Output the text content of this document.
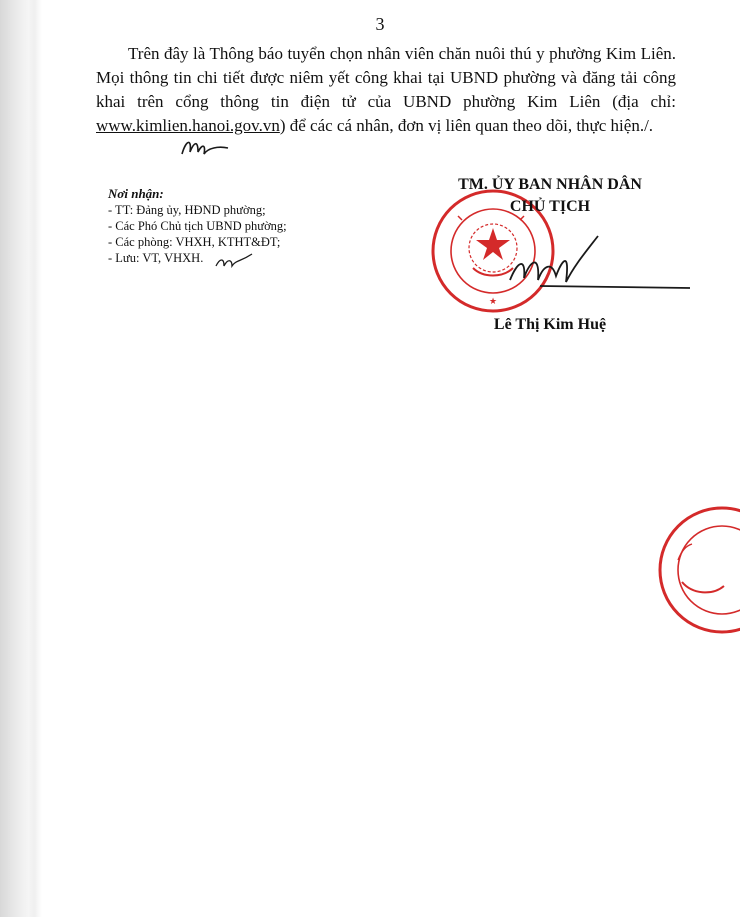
3

Trên đây là Thông báo tuyển chọn nhân viên chăn nuôi thú y phường Kim Liên. Mọi thông tin chi tiết được niêm yết công khai tại UBND phường và đăng tải công khai trên cổng thông tin điện tử của UBND phường Kim Liên (địa chỉ: www.kimlien.hanoi.gov.vn) để các cá nhân, đơn vị liên quan theo dõi, thực hiện./.

Nơi nhận:
- TT: Đảng ủy, HĐND phường;
- Các Phó Chủ tịch UBND phường;
- Các phòng: VHXH, KTHT&ĐT;
- Lưu: VT, VHXH.
★
TM. ỦY BAN NHÂN DÂN
CHỦ TỊCH
Lê Thị Kim Huệ
